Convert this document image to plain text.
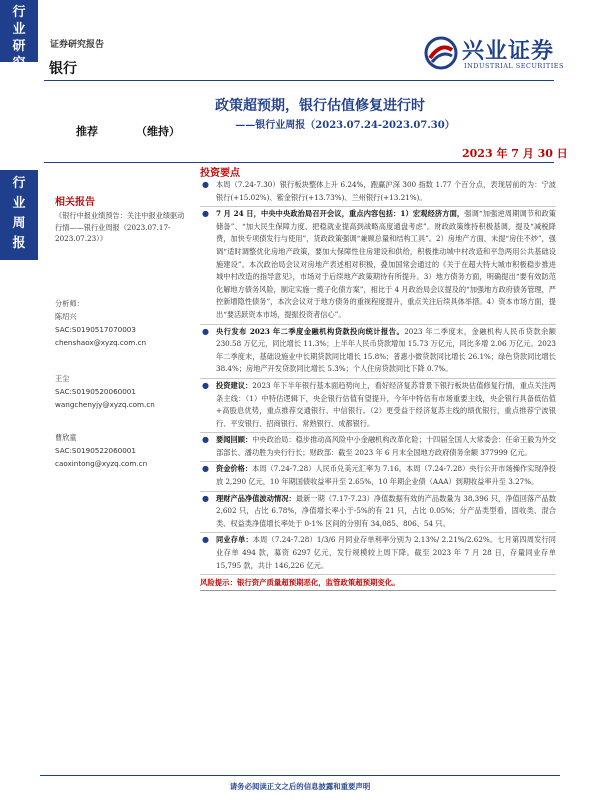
行
业
研
究
证券研究报告	兴业证券
INDUSTRIAL SECURITIES
银行
政策超预期，银行估值修复进行时
——银行业周报（2023.07.24-2023.07.30）
推荐	（维持）
2023 年 7 月 30 日
行
业
周
报
相关报告
《银行中报业绩预告：关注中报业绩驱动行情——银行业周报（2023.07.17-2023.07.23）》
分析师：
陈绍兴
SAC:S0190517070003
chenshaox@xyzq.com.cn
王尘
SAC:S0190520060001
wangchenyjy@xyzq.com.cn
曹欣童
SAC:S0190522060001
caoxintong@xyzq.com.cn
投资要点
● 本周（7.24-7.30）银行板块整体上升 6.24%，跑赢沪深 300 指数 1.77 个百分点，表现居前的为：宁波银行(+15.02%)、紫金银行(+13.73%)、兰州银行(+13.21%)。
● 7 月 24 日，中央中央政治局召开会议，重点内容包括：1）宏观经济方面，强调“加强逆周期调节和政策储备”、“加大民生保障力度、把稳就业提高到战略高度通盘考虑”。财政政策维持积极基调，提及“减税降费，加快专项债发行与使用”，货政政策强调“兼顾总量和结构工具”。2）房地产方面，未提“房住不炒”，强调“适时调整优化房地产政策，要加大保障性住房建设和供给，积极推动城中村改造和平急两用公共基础设施建设”。本次政治局会议对房地产表述相对积极，叠加国常会通过的《关于在超大特大城市积极稳步推进城中村改造的指导意见》，市场对于后续地产政策期待有所提升。3）地方债务方面，明确提出“要有效防范化解地方债务风险，制定实施一揽子化债方案”，相比于 4 月政治局会议提及的“加强地方政府债务管理，严控新增隐性债务”，本次会议对于地方债务的重视程度提升，重点关注后续具体举措。4）资本市场方面，提出“要活跃资本市场，提振投资者信心”。
● 央行发布 2023 年二季度金融机构贷款投向统计报告。2023 年二季度末，金融机构人民币贷款余额 230.58 万亿元，同比增长 11.3%；上半年人民币贷款增加 15.73 万亿元，同比多增 2.06 万亿元。2023 年二季度末，基础设施业中长期贷款同比增长 15.8%；普惠小微贷款同比增长 26.1%；绿色贷款同比增长 38.4%；房地产开发贷款同比增长 5.3%；个人住房贷款同比下降 0.7%。
● 投资建议：2023 年下半年银行基本面趋势向上，看好经济复苏背景下银行板块估值修复行情，重点关注两条主线：（1）中特估逻辑下，央企银行估值有望提升，今年中特估有市场重要主线，央企银行具备低估值+高股息优势，重点推荐交通银行、中信银行。（2）更受益于经济复苏主线的绩优银行，重点推荐宁波银行、平安银行、招商银行、常熟银行、成都银行。
● 要闻回顾：中央政治局：稳步推动高风险中小金融机构改革化险；十四届全国人大常委会：任命王毅为外交部部长、潘功胜为央行行长；财政部：截至 2023 年 6 月末全国地方政府债务余额 377999 亿元。
● 资金价格：本周（7.24-7.28）人民币兑美元汇率为 7.16。本周（7.24-7.28）央行公开市场操作实现净投放 2,290 亿元，10 年期国债收益率升至 2.65%，10 年期企业债（AAA）到期收益率升至 3.27%。
● 理财产品净值波动情况：最新一期（7.17-7.23）净值数据有效的产品数量为 38,396 只，净值回落产品数 2,602 只，占比 6.78%，净值增长率小于-5%的有 21 只，占比 0.05%；分产品类型看，固收类、混合类、权益类净值增长率处于 0-1% 区间的分别有 34,085、806、54 只。
● 同业存单：本周（7.24-7.28）1/3/6 月同业存单利率分别为 2.13%/ 2.21%/2.62%。七月第四周发行同业存单 494 款，募资 6297 亿元，发行规模较上周下降。截至 2023 年 7 月 28 日，存量同业存单 15,795 款，共计 146,226 亿元。
风险提示：银行资产质量超预期恶化，监管政策超预期变化。
请务必阅读正文之后的信息披露和重要声明
